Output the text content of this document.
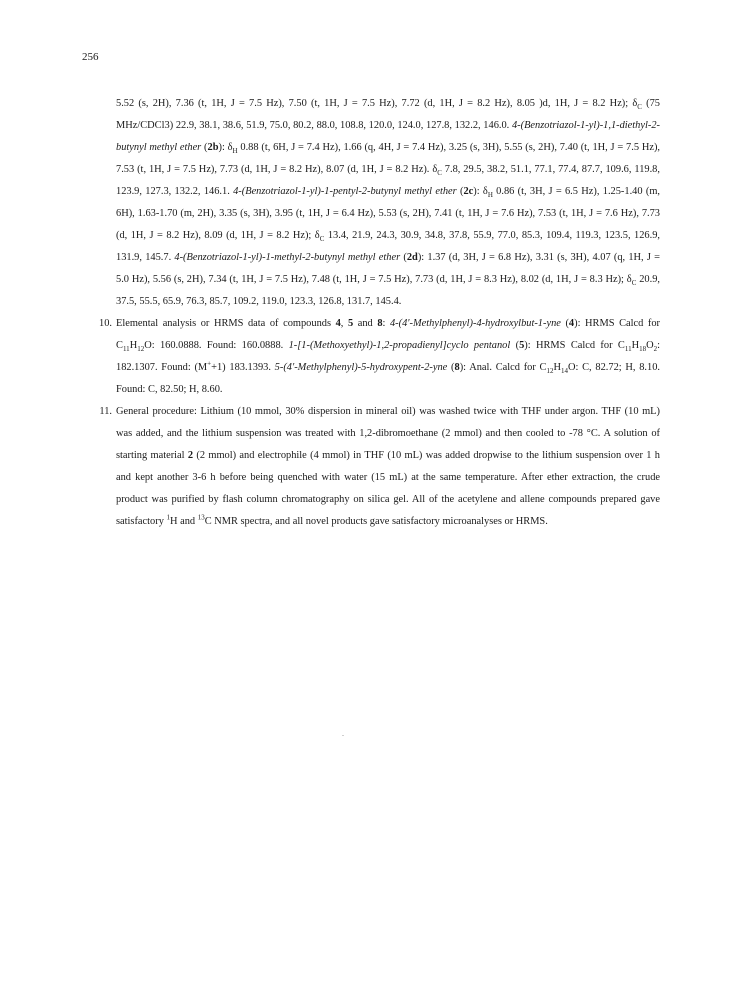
256

5.52 (s, 2H), 7.36 (t, 1H, J = 7.5 Hz), 7.50 (t, 1H, J = 7.5 Hz), 7.72 (d, 1H, J = 8.2 Hz), 8.05 )d, 1H, J = 8.2 Hz); $\delta_C$ (75 MHz/CDCl3) 22.9, 38.1, 38.6, 51.9, 75.0, 80.2, 88.0, 108.8, 120.0, 124.0, 127.8, 132.2, 146.0. 4-(Benzotriazol-1-yl)-1,1-diethyl-2-butynyl methyl ether (2b): $\delta_H$ 0.88 (t, 6H, J = 7.4 Hz), 1.66 (q, 4H, J = 7.4 Hz), 3.25 (s, 3H), 5.55 (s, 2H), 7.40 (t, 1H, J = 7.5 Hz), 7.53 (t, 1H, J = 7.5 Hz), 7.73 (d, 1H, J = 8.2 Hz), 8.07 (d, 1H, J = 8.2 Hz). $\delta_C$ 7.8, 29.5, 38.2, 51.1, 77.1, 77.4, 87.7, 109.6, 119.8, 123.9, 127.3, 132.2, 146.1. 4-(Benzotriazol-1-yl)-1-pentyl-2-butynyl methyl ether (2c): $\delta_H$ 0.86 (t, 3H, J = 6.5 Hz), 1.25-1.40 (m, 6H), 1.63-1.70 (m, 2H), 3.35 (s, 3H), 3.95 (t, 1H, J = 6.4 Hz), 5.53 (s, 2H), 7.41 (t, 1H, J = 7.6 Hz), 7.53 (t, 1H, J = 7.6 Hz), 7.73 (d, 1H, J = 8.2 Hz), 8.09 (d, 1H, J = 8.2 Hz); $\delta_C$ 13.4, 21.9, 24.3, 30.9, 34.8, 37.8, 55.9, 77.0, 85.3, 109.4, 119.3, 123.5, 126.9, 131.9, 145.7. 4-(Benzotriazol-1-yl)-1-methyl-2-butynyl methyl ether (2d): 1.37 (d, 3H, J = 6.8 Hz), 3.31 (s, 3H), 4.07 (q, 1H, J = 5.0 Hz), 5.56 (s, 2H), 7.34 (t, 1H, J = 7.5 Hz), 7.48 (t, 1H, J = 7.5 Hz), 7.73 (d, 1H, J = 8.3 Hz), 8.02 (d, 1H, J = 8.3 Hz); $\delta_C$ 20.9, 37.5, 55.5, 65.9, 76.3, 85.7, 109.2, 119.0, 123.3, 126.8, 131.7, 145.4.

10. Elemental analysis or HRMS data of compounds 4, 5 and 8: 4-(4'-Methylphenyl)-4-hydroxylbut-1-yne (4): HRMS Calcd for $C_{11}H_{12}O$: 160.0888. Found: 160.0888. 1-[1-(Methoxyethyl)-1,2-propadienyl]cyclo pentanol (5): HRMS Calcd for $C_{11}H_{18}O_2$: 182.1307. Found: (M++1) 183.1393. 5-(4'-Methylphenyl)-5-hydroxypent-2-yne (8): Anal. Calcd for $C_{12}H_{14}O$: C, 82.72; H, 8.10. Found: C, 82.50; H, 8.60.

11. General procedure: Lithium (10 mmol, 30% dispersion in mineral oil) was washed twice with THF under argon. THF (10 mL) was added, and the lithium suspension was treated with 1,2-dibromoethane (2 mmol) and then cooled to -78 °C. A solution of starting material 2 (2 mmol) and electrophile (4 mmol) in THF (10 mL) was added dropwise to the lithium suspension over 1 h and kept another 3-6 h before being quenched with water (15 mL) at the same temperature. After ether extraction, the crude product was purified by flash column chromatography on silica gel. All of the acetylene and allene compounds prepared gave satisfactory $^1$H and $^{13}$C NMR spectra, and all novel products gave satisfactory microanalyses or HRMS.
